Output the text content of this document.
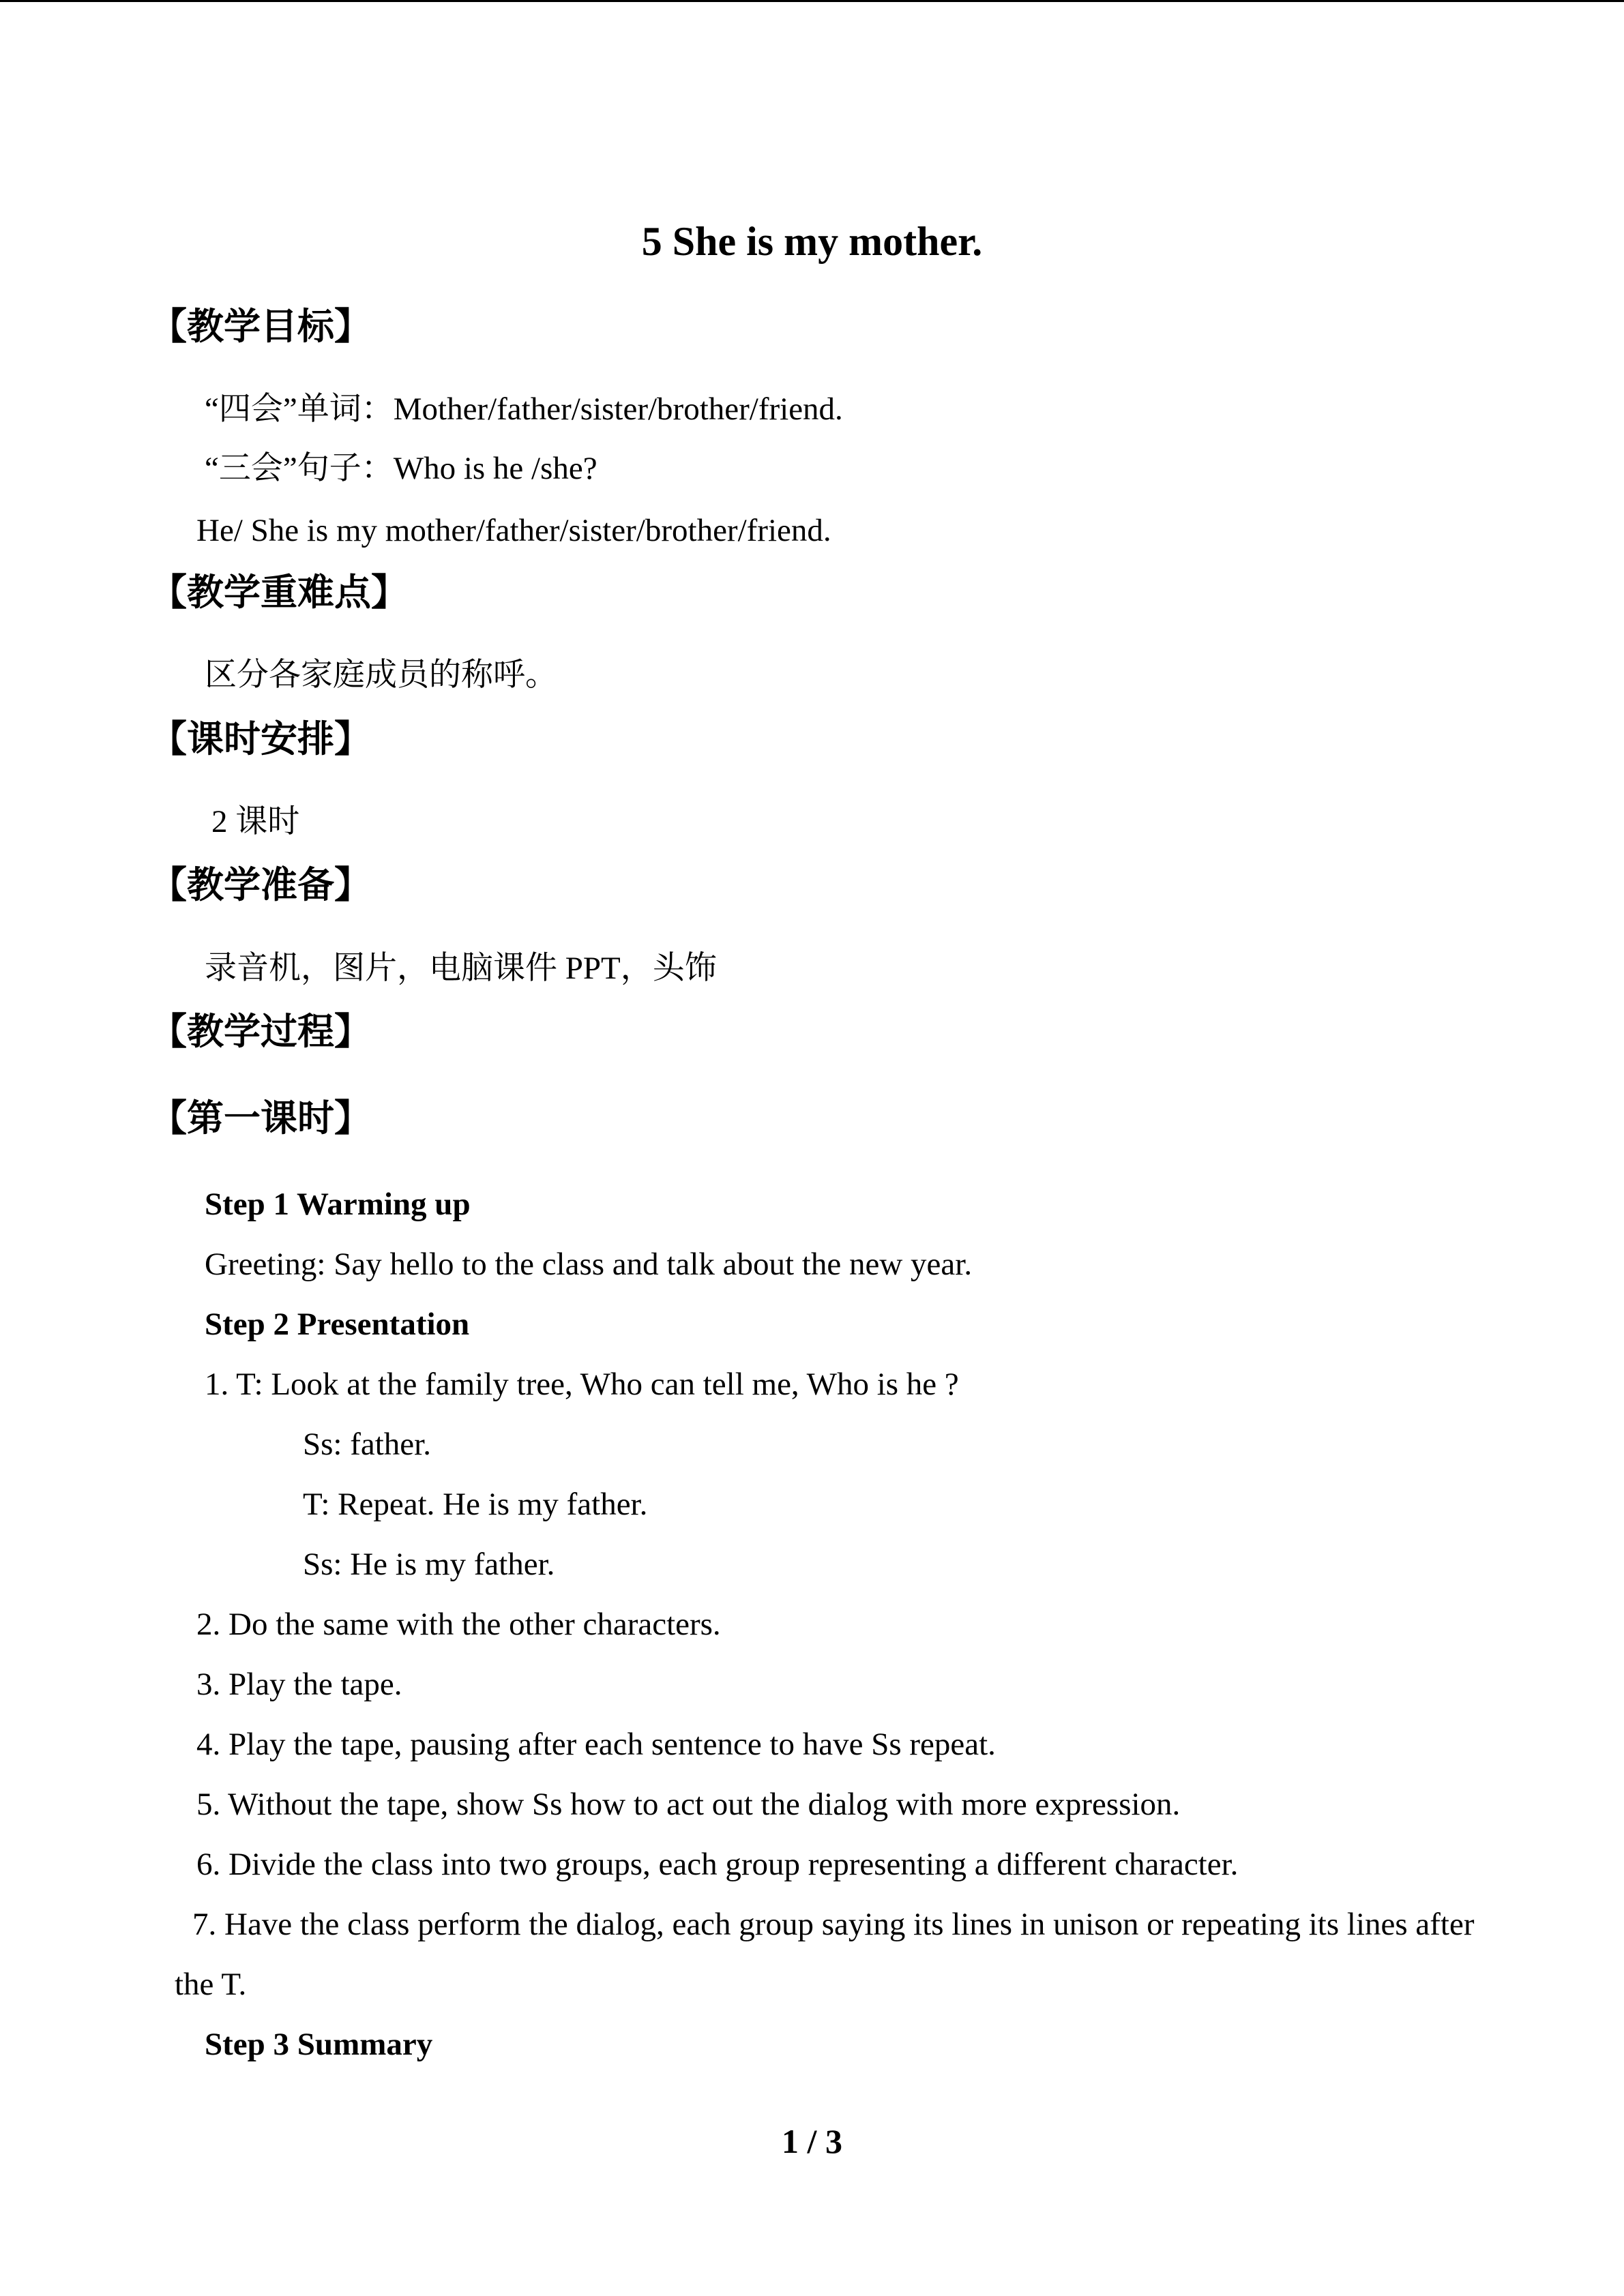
5 She is my mother.
【教学目标】
“四会”单词：Mother/father/sister/brother/friend.
“三会”句子：Who is he /she?
He/ She is my mother/father/sister/brother/friend.
【教学重难点】
区分各家庭成员的称呼。
【课时安排】
2 课时
【教学准备】
录音机，图片，电脑课件 PPT，头饰
【教学过程】
【第一课时】
Step 1 Warming up
Greeting: Say hello to the class and talk about the new year.
Step 2 Presentation
1. T: Look at the family tree, Who can tell me, Who is he ?
Ss: father.
T: Repeat. He is my father.
Ss: He is my father.
2. Do the same with the other characters.
3. Play the tape.
4. Play the tape, pausing after each sentence to have Ss repeat.
5. Without the tape, show Ss how to act out the dialog with more expression.
6. Divide the class into two groups, each group representing a different character.
7. Have the class perform the dialog, each group saying its lines in unison or repeating its lines after
the T.
Step 3 Summary
1 / 3
